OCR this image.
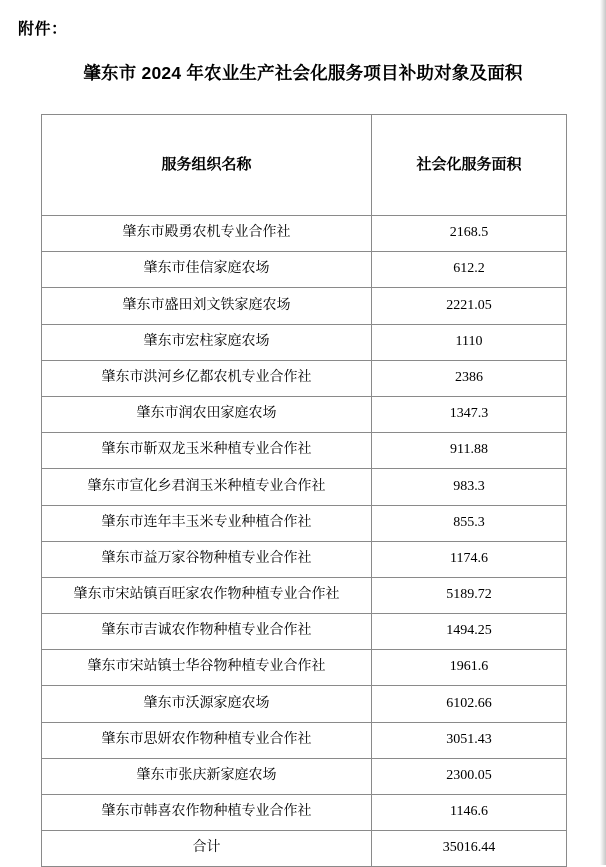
附件：
肇东市 2024 年农业生产社会化服务项目补助对象及面积
服务组织名称	社会化服务面积
肇东市殿勇农机专业合作社	2168.5
肇东市佳信家庭农场	612.2
肇东市盛田刘文铁家庭农场	2221.05
肇东市宏柱家庭农场	1110
肇东市洪河乡亿都农机专业合作社	2386
肇东市润农田家庭农场	1347.3
肇东市靳双龙玉米种植专业合作社	911.88
肇东市宣化乡君润玉米种植专业合作社	983.3
肇东市连年丰玉米专业种植合作社	855.3
肇东市益万家谷物种植专业合作社	1174.6
肇东市宋站镇百旺家农作物种植专业合作社	5189.72
肇东市吉诚农作物种植专业合作社	1494.25
肇东市宋站镇士华谷物种植专业合作社	1961.6
肇东市沃源家庭农场	6102.66
肇东市思妍农作物种植专业合作社	3051.43
肇东市张庆新家庭农场	2300.05
肇东市韩喜农作物种植专业合作社	1146.6
合计	35016.44
